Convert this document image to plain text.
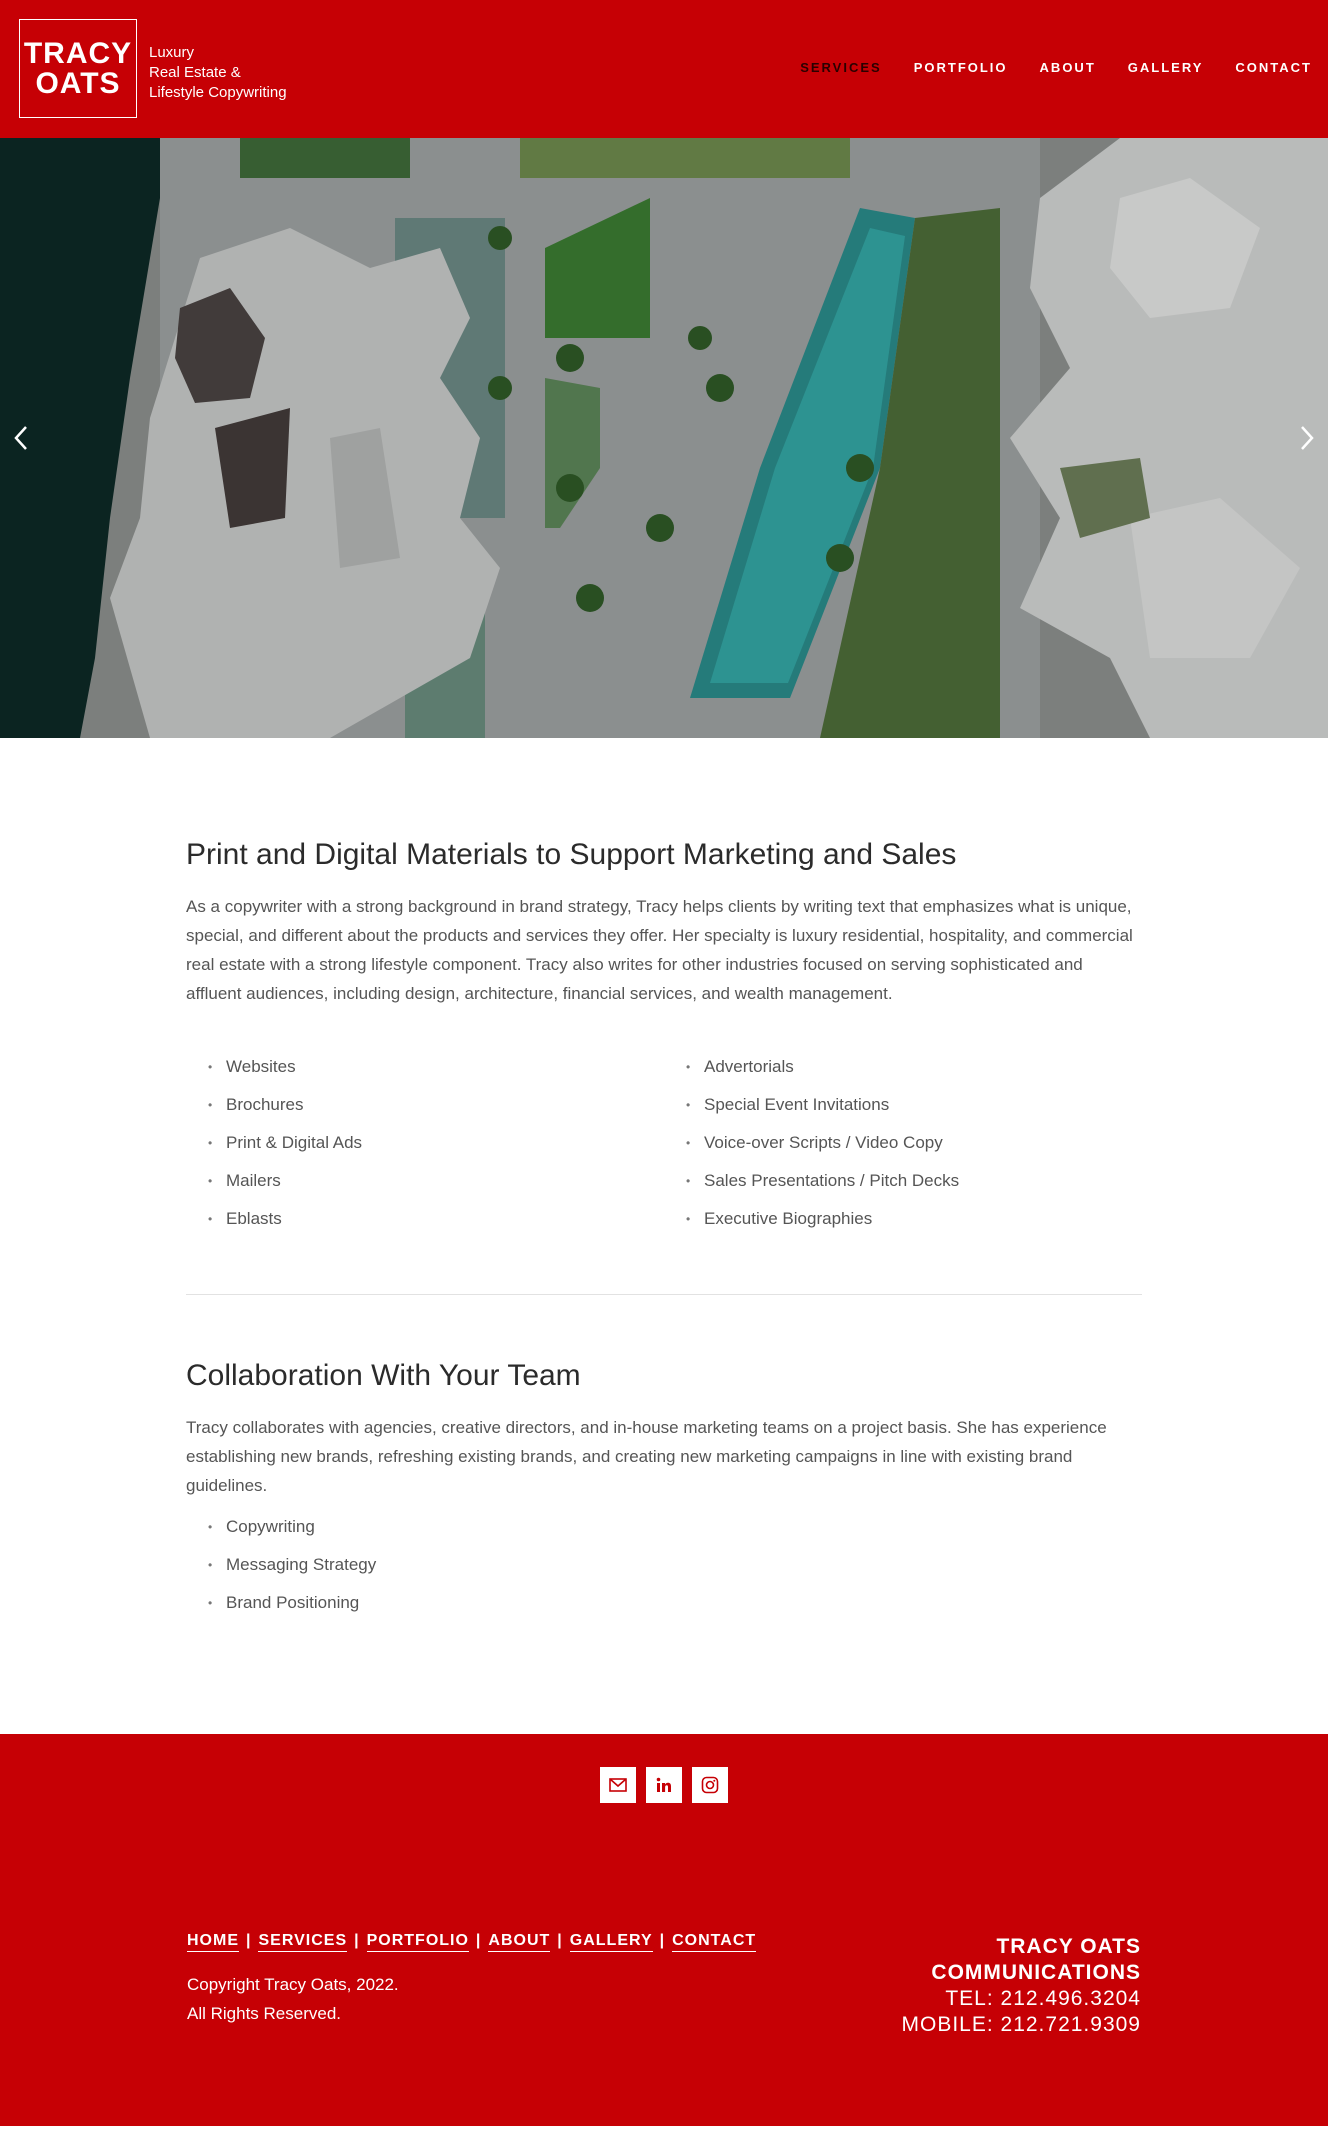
TRACY
OATS
Luxury
Real Estate &
Lifestyle Copywriting
SERVICES PORTFOLIO ABOUT GALLERY CONTACT
Print and Digital Materials to Support Marketing and Sales

As a copywriter with a strong background in brand strategy, Tracy helps clients by writing text that emphasizes what is unique, special, and different about the products and services they offer. Her specialty is luxury residential, hospitality, and commercial real estate with a strong lifestyle component. Tracy also writes for other industries focused on serving sophisticated and affluent audiences, including design, architecture, financial services, and wealth management.

• Websites
• Brochures
• Print & Digital Ads
• Mailers
• Eblasts
• Advertorials
• Special Event Invitations
• Voice-over Scripts / Video Copy
• Sales Presentations / Pitch Decks
• Executive Biographies
Collaboration With Your Team

Tracy collaborates with agencies, creative directors, and in-house marketing teams on a project basis. She has experience establishing new brands, refreshing existing brands, and creating new marketing campaigns in line with existing brand guidelines.

• Copywriting
• Messaging Strategy
• Brand Positioning
HOME | SERVICES | PORTFOLIO | ABOUT | GALLERY | CONTACT
Copyright Tracy Oats, 2022.
All Rights Reserved.
TRACY OATS
COMMUNICATIONS
TEL: 212.496.3204
MOBILE: 212.721.9309
